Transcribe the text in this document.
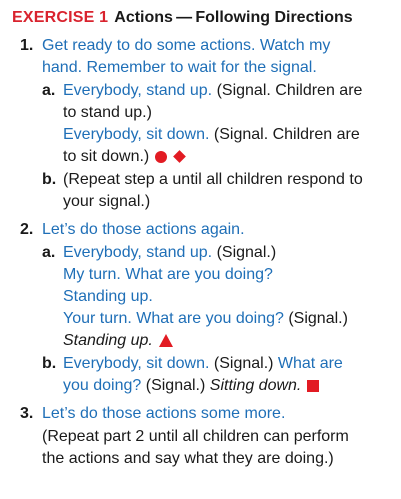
EXERCISE 1 Actions — Following Directions
1. Get ready to do some actions. Watch my
hand. Remember to wait for the signal.
a. Everybody, stand up. (Signal. Children are
to stand up.)
Everybody, sit down. (Signal. Children are
to sit down.)
b. (Repeat step a until all children respond to
your signal.)
2. Let’s do those actions again.
a. Everybody, stand up. (Signal.)
My turn. What are you doing?
Standing up.
Your turn. What are you doing? (Signal.)
Standing up.
b. Everybody, sit down. (Signal.) What are
you doing? (Signal.) Sitting down.
3. Let’s do those actions some more.
(Repeat part 2 until all children can perform
the actions and say what they are doing.)
